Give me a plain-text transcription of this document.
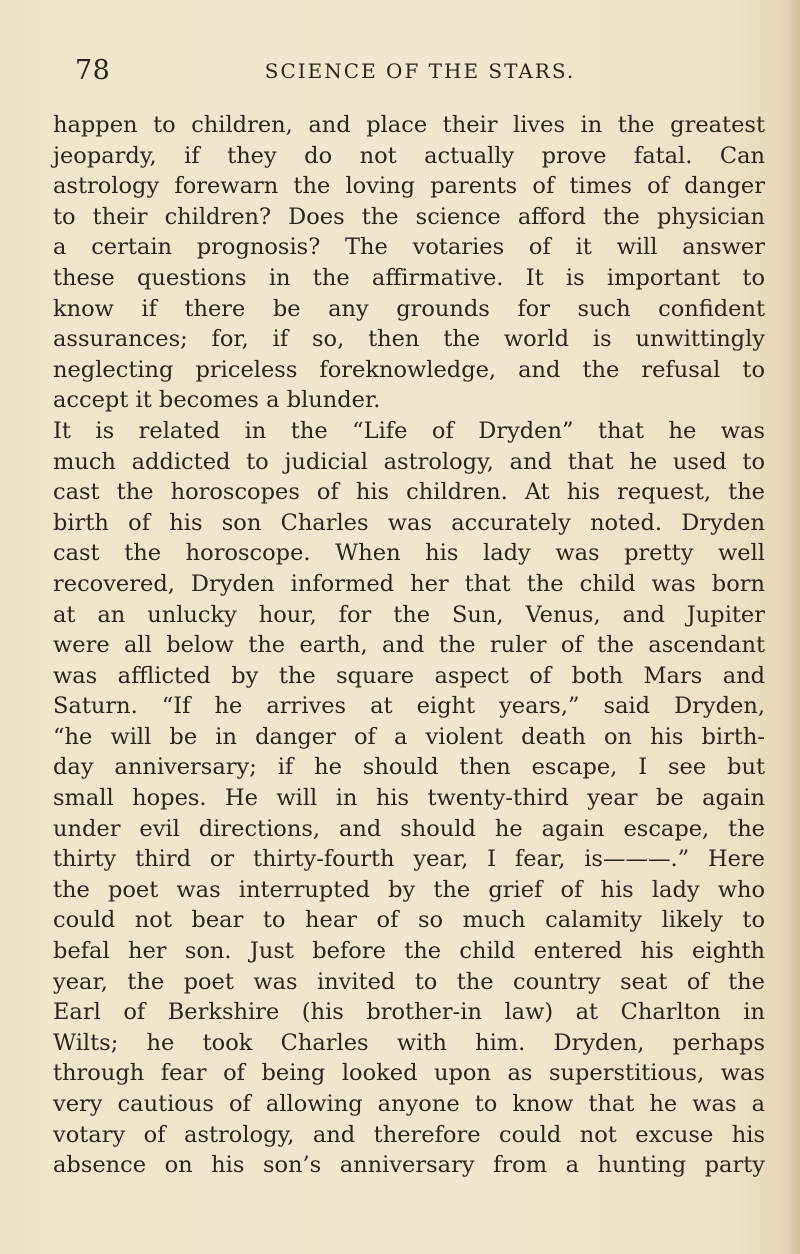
78	SCIENCE OF THE STARS.
happen to children, and place their lives in the greatest
jeopardy, if they do not actually prove fatal. Can
astrology forewarn the loving parents of times of danger
to their children? Does the science afford the physician
a certain prognosis? The votaries of it will answer
these questions in the affirmative. It is important to
know if there be any grounds for such confident
assurances; for, if so, then the world is unwittingly
neglecting priceless foreknowledge, and the refusal to
accept it becomes a blunder.
It is related in the “Life of Dryden” that he was
much addicted to judicial astrology, and that he used to
cast the horoscopes of his children. At his request, the
birth of his son Charles was accurately noted. Dryden
cast the horoscope. When his lady was pretty well
recovered, Dryden informed her that the child was born
at an unlucky hour, for the Sun, Venus, and Jupiter
were all below the earth, and the ruler of the ascendant
was afflicted by the square aspect of both Mars and
Saturn. “If he arrives at eight years,” said Dryden,
“he will be in danger of a violent death on his birth-
day anniversary; if he should then escape, I see but
small hopes. He will in his twenty-third year be again
under evil directions, and should he again escape, the
thirty third or thirty-fourth year, I fear, is———.” Here
the poet was interrupted by the grief of his lady who
could not bear to hear of so much calamity likely to
befal her son. Just before the child entered his eighth
year, the poet was invited to the country seat of the
Earl of Berkshire (his brother-in law) at Charlton in
Wilts; he took Charles with him. Dryden, perhaps
through fear of being looked upon as superstitious, was
very cautious of allowing anyone to know that he was a
votary of astrology, and therefore could not excuse his
absence on his son’s anniversary from a hunting party
